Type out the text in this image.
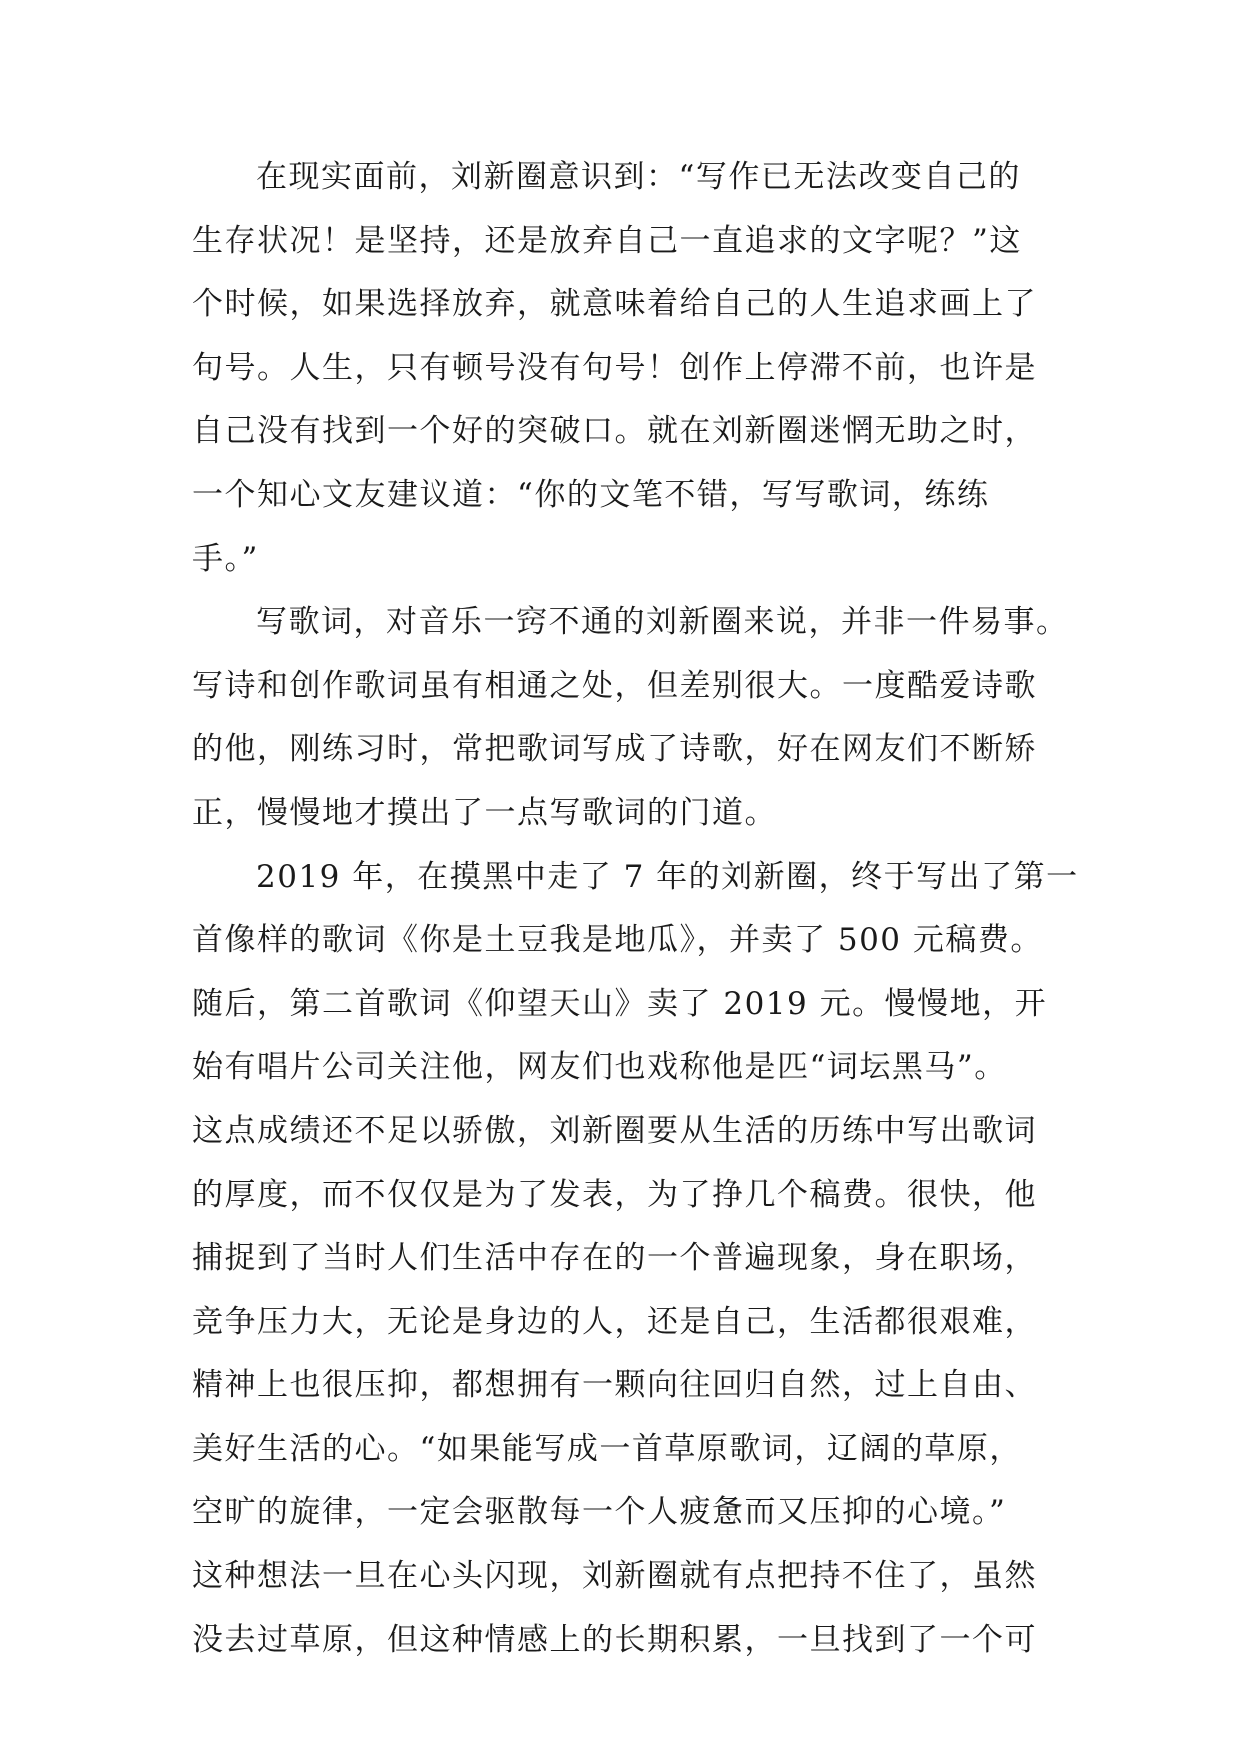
在现实面前，刘新圈意识到：“写作已无法改变自己的
生存状况！是坚持，还是放弃自己一直追求的文字呢？”这
个时候，如果选择放弃，就意味着给自己的人生追求画上了
句号。人生，只有顿号没有句号！创作上停滞不前，也许是
自己没有找到一个好的突破口。就在刘新圈迷惘无助之时，
一个知心文友建议道：“你的文笔不错，写写歌词，练练
手。”

写歌词，对音乐一窍不通的刘新圈来说，并非一件易事。
写诗和创作歌词虽有相通之处，但差别很大。一度酷爱诗歌
的他，刚练习时，常把歌词写成了诗歌，好在网友们不断矫
正，慢慢地才摸出了一点写歌词的门道。

2019 年，在摸黑中走了 7 年的刘新圈，终于写出了第一
首像样的歌词《你是土豆我是地瓜》，并卖了 500 元稿费。
随后，第二首歌词《仰望天山》卖了 2019 元。慢慢地，开
始有唱片公司关注他，网友们也戏称他是匹“词坛黑马”。
这点成绩还不足以骄傲，刘新圈要从生活的历练中写出歌词
的厚度，而不仅仅是为了发表，为了挣几个稿费。很快，他
捕捉到了当时人们生活中存在的一个普遍现象，身在职场，
竞争压力大，无论是身边的人，还是自己，生活都很艰难，
精神上也很压抑，都想拥有一颗向往回归自然，过上自由、
美好生活的心。“如果能写成一首草原歌词，辽阔的草原，
空旷的旋律，一定会驱散每一个人疲惫而又压抑的心境。”
这种想法一旦在心头闪现，刘新圈就有点把持不住了，虽然
没去过草原，但这种情感上的长期积累，一旦找到了一个可
